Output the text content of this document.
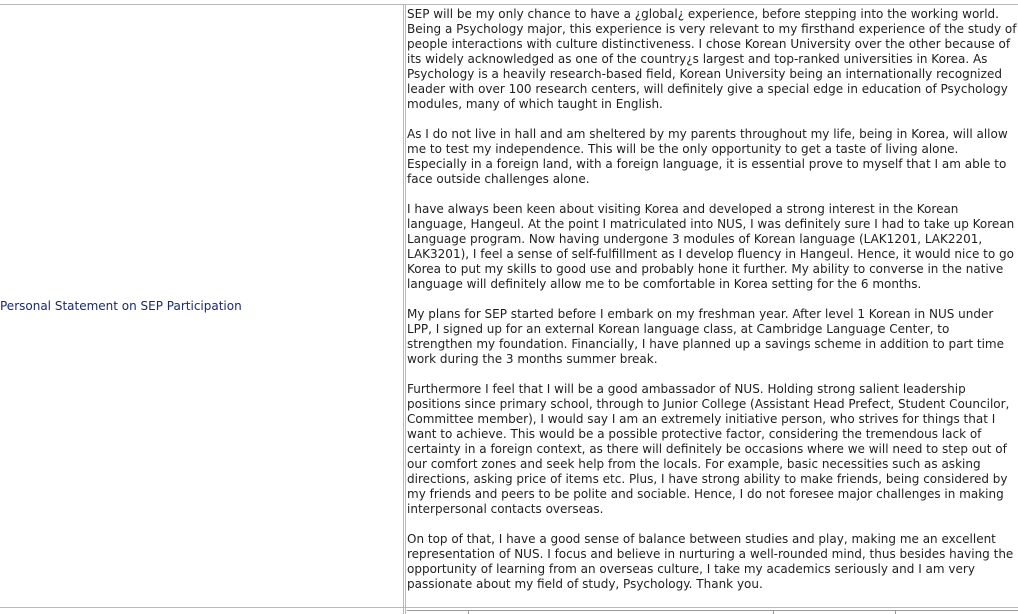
Personal Statement on SEP Participation

SEP will be my only chance to have a ¿global¿ experience, before stepping into the working world. Being a Psychology major, this experience is very relevant to my firsthand experience of the study of people interactions with culture distinctiveness. I chose Korean University over the other because of its widely acknowledged as one of the country¿s largest and top-ranked universities in Korea. As Psychology is a heavily research-based field, Korean University being an internationally recognized leader with over 100 research centers, will definitely give a special edge in education of Psychology modules, many of which taught in English.

As I do not live in hall and am sheltered by my parents throughout my life, being in Korea, will allow me to test my independence. This will be the only opportunity to get a taste of living alone. Especially in a foreign land, with a foreign language, it is essential prove to myself that I am able to face outside challenges alone.

I have always been keen about visiting Korea and developed a strong interest in the Korean language, Hangeul. At the point I matriculated into NUS, I was definitely sure I had to take up Korean Language program. Now having undergone 3 modules of Korean language (LAK1201, LAK2201, LAK3201), I feel a sense of self-fulfillment as I develop fluency in Hangeul. Hence, it would nice to go Korea to put my skills to good use and probably hone it further. My ability to converse in the native language will definitely allow me to be comfortable in Korea setting for the 6 months.

My plans for SEP started before I embark on my freshman year. After level 1 Korean in NUS under LPP, I signed up for an external Korean language class, at Cambridge Language Center, to strengthen my foundation. Financially, I have planned up a savings scheme in addition to part time work during the 3 months summer break.

Furthermore I feel that I will be a good ambassador of NUS. Holding strong salient leadership positions since primary school, through to Junior College (Assistant Head Prefect, Student Councilor, Committee member), I would say I am an extremely initiative person, who strives for things that I want to achieve. This would be a possible protective factor, considering the tremendous lack of certainty in a foreign context, as there will definitely be occasions where we will need to step out of our comfort zones and seek help from the locals. For example, basic necessities such as asking directions, asking price of items etc. Plus, I have strong ability to make friends, being considered by my friends and peers to be polite and sociable. Hence, I do not foresee major challenges in making interpersonal contacts overseas.

On top of that, I have a good sense of balance between studies and play, making me an excellent representation of NUS. I focus and believe in nurturing a well-rounded mind, thus besides having the opportunity of learning from an overseas culture, I take my academics seriously and I am very passionate about my field of study, Psychology. Thank you.
